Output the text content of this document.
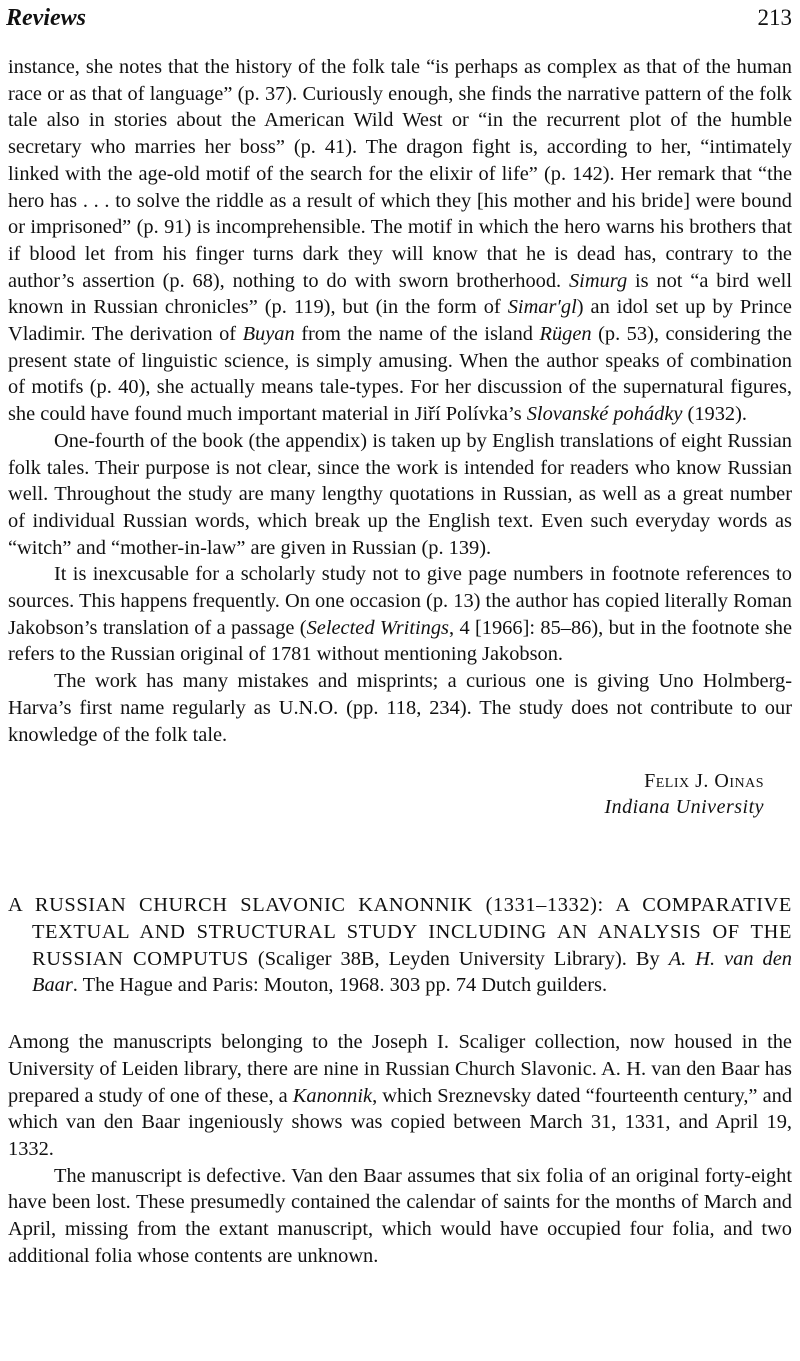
Reviews	213

instance, she notes that the history of the folk tale “is perhaps as complex as that of the human race or as that of language” (p. 37). Curiously enough, she finds the narrative pattern of the folk tale also in stories about the American Wild West or “in the recurrent plot of the humble secretary who marries her boss” (p. 41). The dragon fight is, according to her, “intimately linked with the age-old motif of the search for the elixir of life” (p. 142). Her remark that “the hero has . . . to solve the riddle as a result of which they [his mother and his bride] were bound or imprisoned” (p. 91) is incomprehensible. The motif in which the hero warns his brothers that if blood let from his finger turns dark they will know that he is dead has, contrary to the author’s assertion (p. 68), nothing to do with sworn brotherhood. Simurg is not “a bird well known in Russian chronicles” (p. 119), but (in the form of Simar′gl) an idol set up by Prince Vladimir. The derivation of Buyan from the name of the island Rügen (p. 53), considering the present state of linguistic science, is simply amusing. When the author speaks of combination of motifs (p. 40), she actually means tale-types. For her discussion of the supernatural figures, she could have found much important material in Jiří Polívka’s Slovanské pohádky (1932).

One-fourth of the book (the appendix) is taken up by English translations of eight Russian folk tales. Their purpose is not clear, since the work is intended for readers who know Russian well. Throughout the study are many lengthy quotations in Russian, as well as a great number of individual Russian words, which break up the English text. Even such everyday words as “witch” and “mother-in-law” are given in Russian (p. 139).

It is inexcusable for a scholarly study not to give page numbers in footnote references to sources. This happens frequently. On one occasion (p. 13) the author has copied literally Roman Jakobson’s translation of a passage (Selected Writings, 4 [1966]: 85–86), but in the footnote she refers to the Russian original of 1781 without mentioning Jakobson.

The work has many mistakes and misprints; a curious one is giving Uno Holmberg-Harva’s first name regularly as U.N.O. (pp. 118, 234). The study does not contribute to our knowledge of the folk tale.

Felix J. Oinas
Indiana University

A RUSSIAN CHURCH SLAVONIC KANONNIK (1331–1332): A COMPARATIVE TEXTUAL AND STRUCTURAL STUDY INCLUDING AN ANALYSIS OF THE RUSSIAN COMPUTUS (Scaliger 38B, Leyden University Library). By A. H. van den Baar. The Hague and Paris: Mouton, 1968. 303 pp. 74 Dutch guilders.

Among the manuscripts belonging to the Joseph I. Scaliger collection, now housed in the University of Leiden library, there are nine in Russian Church Slavonic. A. H. van den Baar has prepared a study of one of these, a Kanonnik, which Sreznevsky dated “fourteenth century,” and which van den Baar ingeniously shows was copied between March 31, 1331, and April 19, 1332.

The manuscript is defective. Van den Baar assumes that six folia of an original forty-eight have been lost. These presumedly contained the calendar of saints for the months of March and April, missing from the extant manuscript, which would have occupied four folia, and two additional folia whose contents are unknown.
